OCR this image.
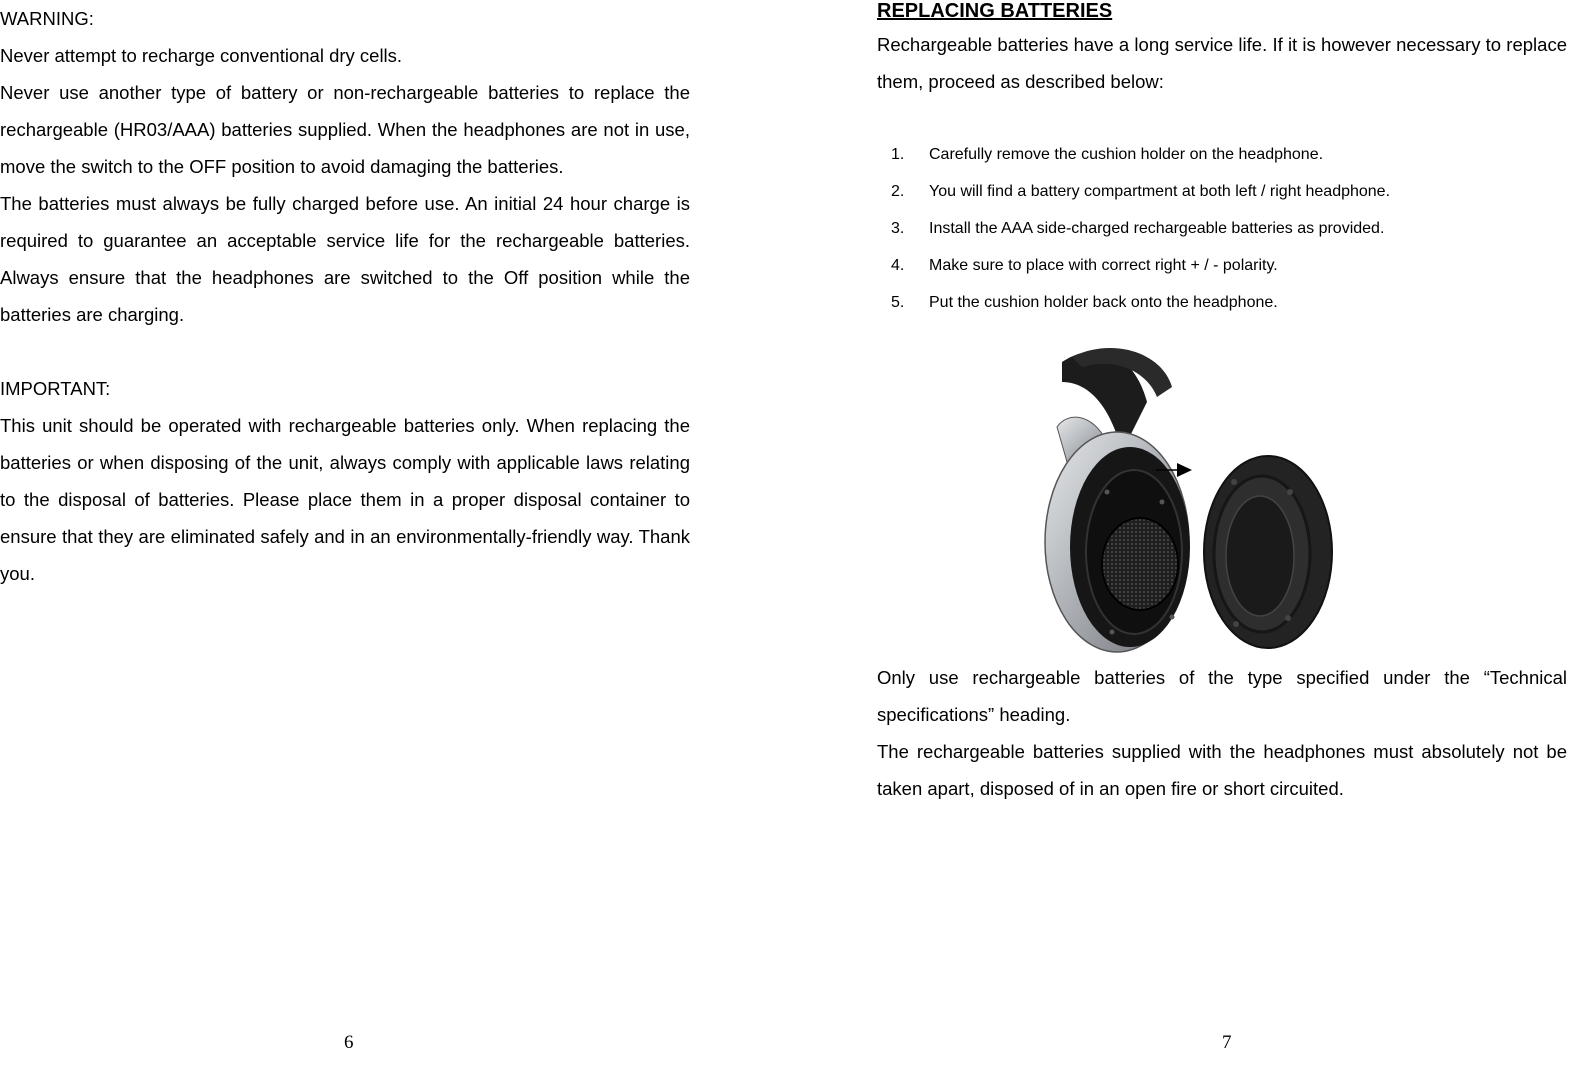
WARNING:

Never attempt to recharge conventional dry cells.

Never use another type of battery or non-rechargeable batteries to replace the rechargeable (HR03/AAA) batteries supplied. When the headphones are not in use, move the switch to the OFF position to avoid damaging the batteries.

The batteries must always be fully charged before use. An initial 24 hour charge is required to guarantee an acceptable service life for the rechargeable batteries. Always ensure that the headphones are switched to the Off position while the batteries are charging.

IMPORTANT:

This unit should be operated with rechargeable batteries only. When replacing the batteries or when disposing of the unit, always comply with applicable laws relating to the disposal of batteries. Please place them in a proper disposal container to ensure that they are eliminated safely and in an environmentally-friendly way. Thank you.

6
REPLACING BATTERIES

Rechargeable batteries have a long service life. If it is however necessary to replace them, proceed as described below:

1.	Carefully remove the cushion holder on the headphone.
2.	You will find a battery compartment at both left / right headphone.
3.	Install the AAA side-charged rechargeable batteries as provided.
4.	Make sure to place with correct right + / - polarity.
5.	Put the cushion holder back onto the headphone.

Only use rechargeable batteries of the type specified under the “Technical specifications” heading.

The rechargeable batteries supplied with the headphones must absolutely not be taken apart, disposed of in an open fire or short circuited.

7
